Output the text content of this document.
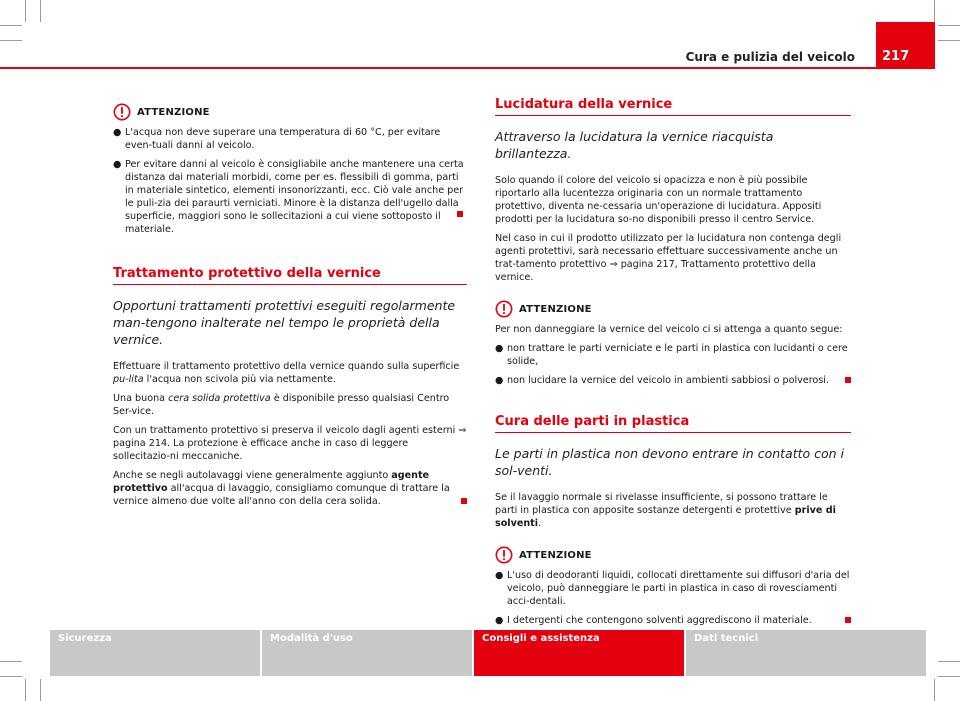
Cura e pulizia del veicolo	217
ATTENZIONE
● L'acqua non deve superare una temperatura di 60 °C, per evitare even-tuali danni al veicolo.
● Per evitare danni al veicolo è consigliabile anche mantenere una certa distanza dai materiali morbidi, come per es. flessibili di gomma, parti in materiale sintetico, elementi insonorizzanti, ecc. Ciò vale anche per le puli-zia dei paraurti verniciati. Minore è la distanza dell'ugello dalla superficie, maggiori sono le sollecitazioni a cui viene sottoposto il materiale.
Trattamento protettivo della vernice
Opportuni trattamenti protettivi eseguiti regolarmente man-tengono inalterate nel tempo le proprietà della vernice.

Effettuare il trattamento protettivo della vernice quando sulla superficie pu-lita l'acqua non scivola più via nettamente.

Una buona cera solida protettiva è disponibile presso qualsiasi Centro Ser-vice.

Con un trattamento protettivo si preserva il veicolo dagli agenti esterni ⇒ pagina 214. La protezione è efficace anche in caso di leggere sollecitazio-ni meccaniche.

Anche se negli autolavaggi viene generalmente aggiunto agente protettivo all'acqua di lavaggio, consigliamo comunque di trattare la vernice almeno due volte all'anno con della cera solida.

Lucidatura della vernice
Attraverso la lucidatura la vernice riacquista brillantezza.

Solo quando il colore del veicolo si opacizza e non è più possibile riportarlo alla lucentezza originaria con un normale trattamento protettivo, diventa ne-cessaria un'operazione di lucidatura. Appositi prodotti per la lucidatura so-no disponibili presso il centro Service.

Nel caso in cui il prodotto utilizzato per la lucidatura non contenga degli agenti protettivi, sarà necessario effettuare successivamente anche un trat-tamento protettivo ⇒ pagina 217, Trattamento protettivo della vernice.

ATTENZIONE

Per non danneggiare la vernice del veicolo ci si attenga a quanto segue:

● non trattare le parti verniciate e le parti in plastica con lucidanti o cere solide,
● non lucidare la vernice del veicolo in ambienti sabbiosi o polverosi.
Cura delle parti in plastica
Le parti in plastica non devono entrare in contatto con i sol-venti.

Se il lavaggio normale si rivelasse insufficiente, si possono trattare le parti in plastica con apposite sostanze detergenti e protettive prive di solventi.

ATTENZIONE
● L'uso di deodoranti liquidi, collocati direttamente sui diffusori d'aria del veicolo, può danneggiare le parti in plastica in caso di rovesciamenti acci-dentali.
● I detergenti che contengono solventi aggrediscono il materiale.
Sicurezza	Modalità d'uso	Consigli e assistenza	Dati tecnici
